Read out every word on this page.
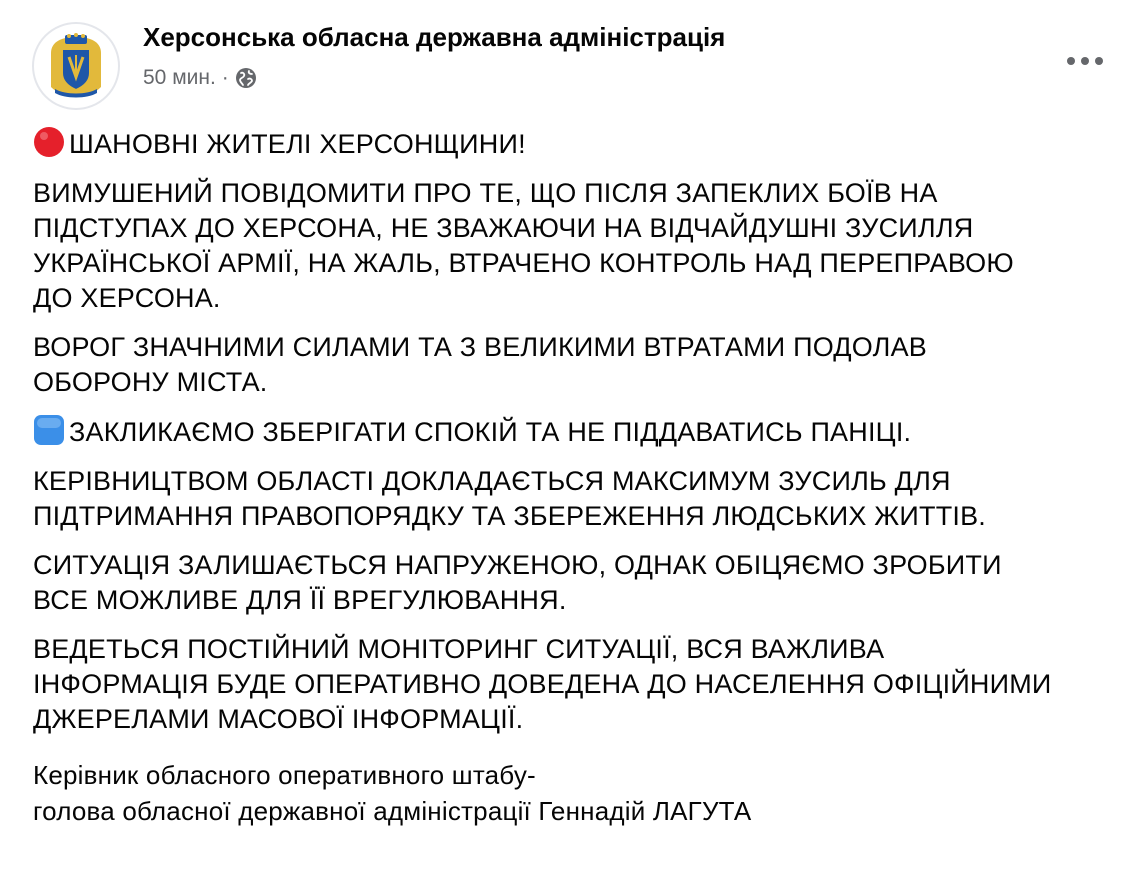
Херсонська обласна державна адміністрація
50 мин. ·

ШАНОВНІ ЖИТЕЛІ ХЕРСОНЩИНИ!

ВИМУШЕНИЙ ПОВІДОМИТИ ПРО ТЕ, ЩО ПІСЛЯ ЗАПЕКЛИХ БОЇВ НА
ПІДСТУПАХ ДО ХЕРСОНА, НЕ ЗВАЖАЮЧИ НА ВІДЧАЙДУШНІ ЗУСИЛЛЯ
УКРАЇНСЬКОЇ АРМІЇ, НА ЖАЛЬ, ВТРАЧЕНО КОНТРОЛЬ НАД ПЕРЕПРАВОЮ
ДО ХЕРСОНА.

ВОРОГ ЗНАЧНИМИ СИЛАМИ ТА З ВЕЛИКИМИ ВТРАТАМИ ПОДОЛАВ
ОБОРОНУ МІСТА.

ЗАКЛИКАЄМО ЗБЕРІГАТИ СПОКІЙ ТА НЕ ПІДДАВАТИСЬ ПАНІЦІ.

КЕРІВНИЦТВОМ ОБЛАСТІ ДОКЛАДАЄТЬСЯ МАКСИМУМ ЗУСИЛЬ ДЛЯ
ПІДТРИМАННЯ ПРАВОПОРЯДКУ ТА ЗБЕРЕЖЕННЯ ЛЮДСЬКИХ ЖИТТІВ.

СИТУАЦІЯ ЗАЛИШАЄТЬСЯ НАПРУЖЕНОЮ, ОДНАК ОБІЦЯЄМО ЗРОБИТИ
ВСЕ МОЖЛИВЕ ДЛЯ ЇЇ ВРЕГУЛЮВАННЯ.

ВЕДЕТЬСЯ ПОСТІЙНИЙ МОНІТОРИНГ СИТУАЦІЇ, ВСЯ ВАЖЛИВА
ІНФОРМАЦІЯ БУДЕ ОПЕРАТИВНО ДОВЕДЕНА ДО НАСЕЛЕННЯ ОФІЦІЙНИМИ
ДЖЕРЕЛАМИ МАСОВОЇ ІНФОРМАЦІЇ.

Керівник обласного оперативного штабу-
голова обласної державної адміністрації Геннадій ЛАГУТА
